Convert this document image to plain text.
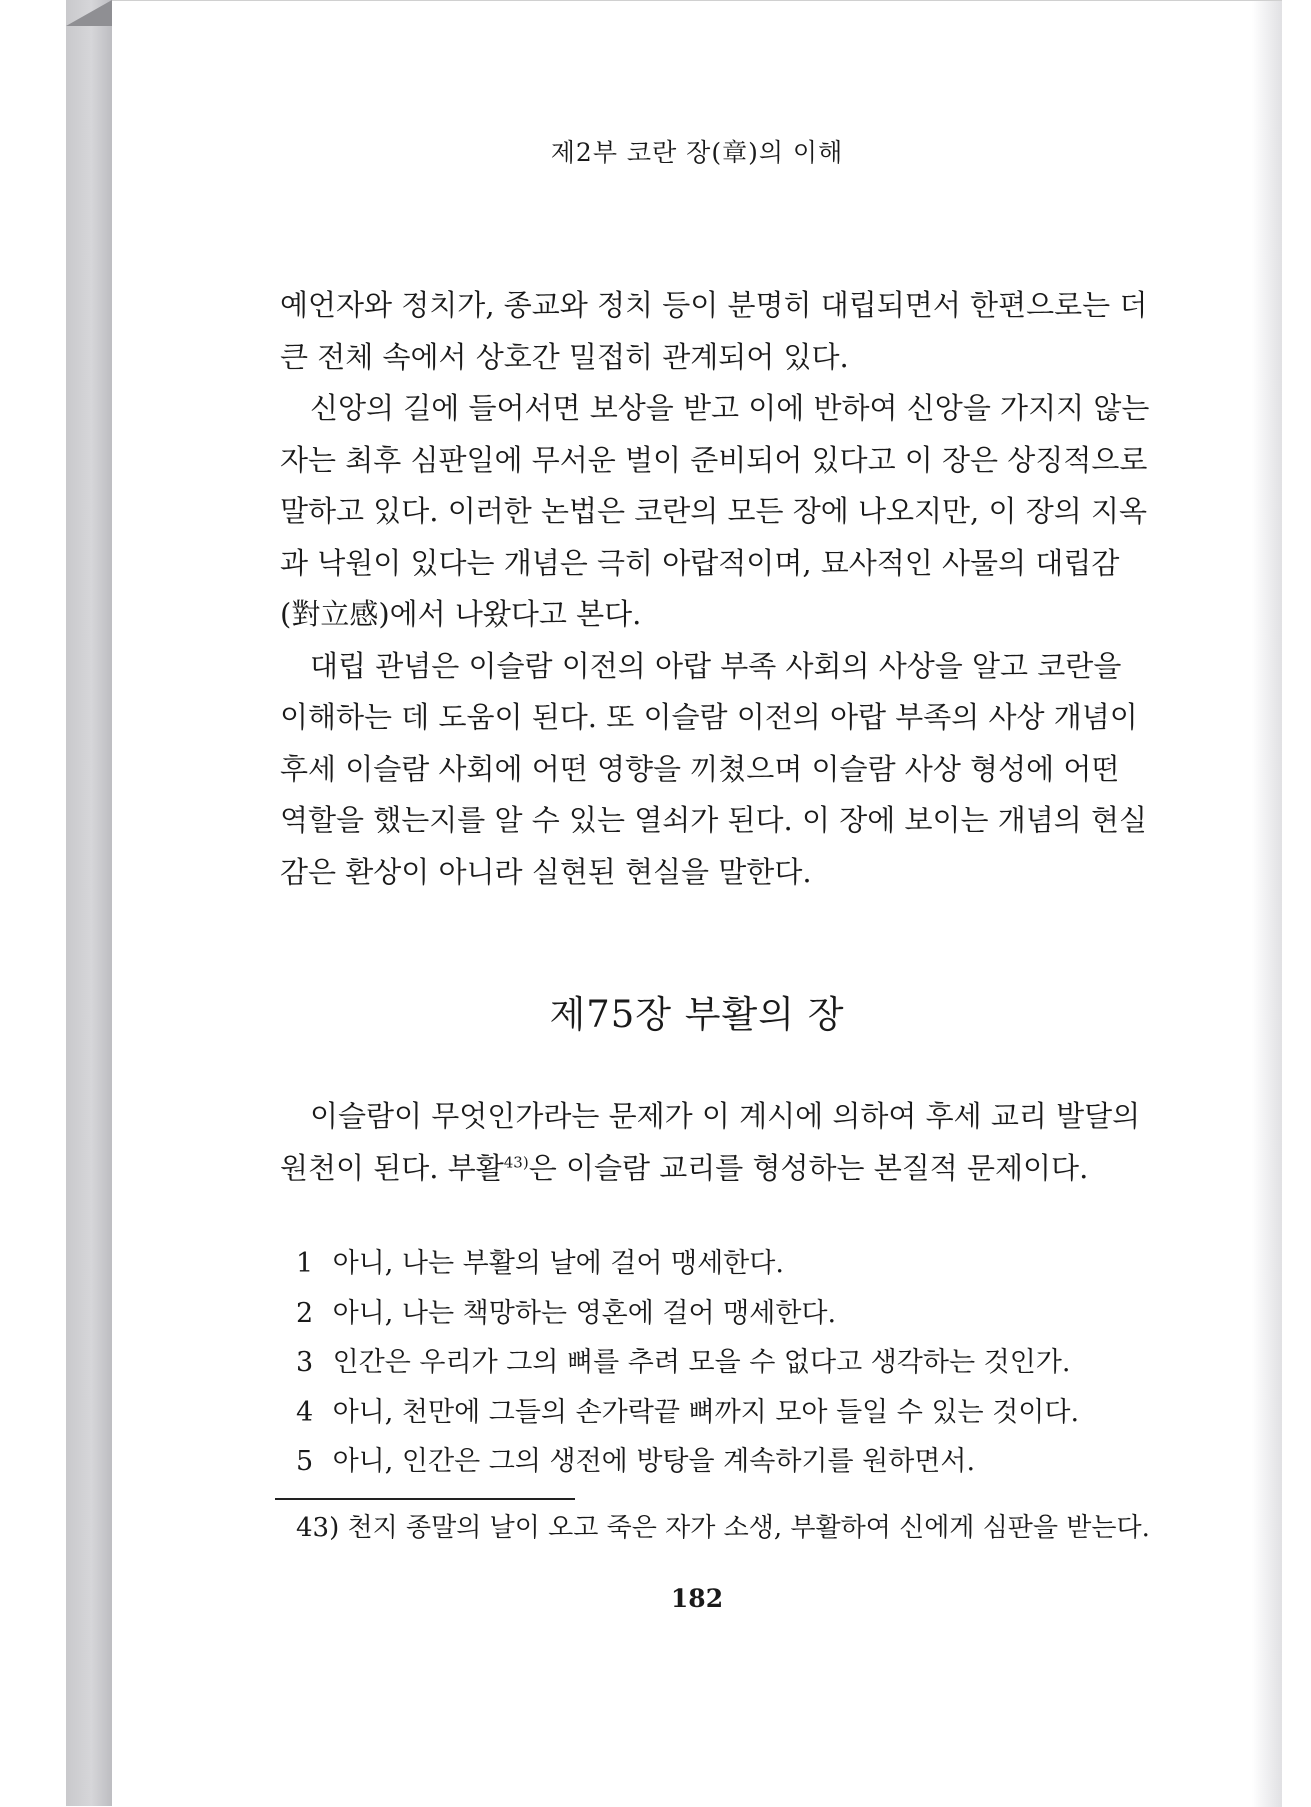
제2부 코란 장(章)의 이해

예언자와 정치가, 종교와 정치 등이 분명히 대립되면서 한편으로는 더 큰 전체 속에서 상호간 밀접히 관계되어 있다.

신앙의 길에 들어서면 보상을 받고 이에 반하여 신앙을 가지지 않는 자는 최후 심판일에 무서운 벌이 준비되어 있다고 이 장은 상징적으로 말하고 있다. 이러한 논법은 코란의 모든 장에 나오지만, 이 장의 지옥과 낙원이 있다는 개념은 극히 아랍적이며, 묘사적인 사물의 대립감(對立感)에서 나왔다고 본다.

대립 관념은 이슬람 이전의 아랍 부족 사회의 사상을 알고 코란을 이해하는 데 도움이 된다. 또 이슬람 이전의 아랍 부족의 사상 개념이 후세 이슬람 사회에 어떤 영향을 끼쳤으며 이슬람 사상 형성에 어떤 역할을 했는지를 알 수 있는 열쇠가 된다. 이 장에 보이는 개념의 현실감은 환상이 아니라 실현된 현실을 말한다.

제75장 부활의 장
이슬람이 무엇인가라는 문제가 이 계시에 의하여 후세 교리 발달의 원천이 된다. 부활$^{43)}$은 이슬람 교리를 형성하는 본질적 문제이다.
1 아니, 나는 부활의 날에 걸어 맹세한다.
2 아니, 나는 책망하는 영혼에 걸어 맹세한다.
3 인간은 우리가 그의 뼈를 추려 모을 수 없다고 생각하는 것인가.
4 아니, 천만에 그들의 손가락끝 뼈까지 모아 들일 수 있는 것이다.
5 아니, 인간은 그의 생전에 방탕을 계속하기를 원하면서.
43) 천지 종말의 날이 오고 죽은 자가 소생, 부활하여 신에게 심판을 받는다.
182
